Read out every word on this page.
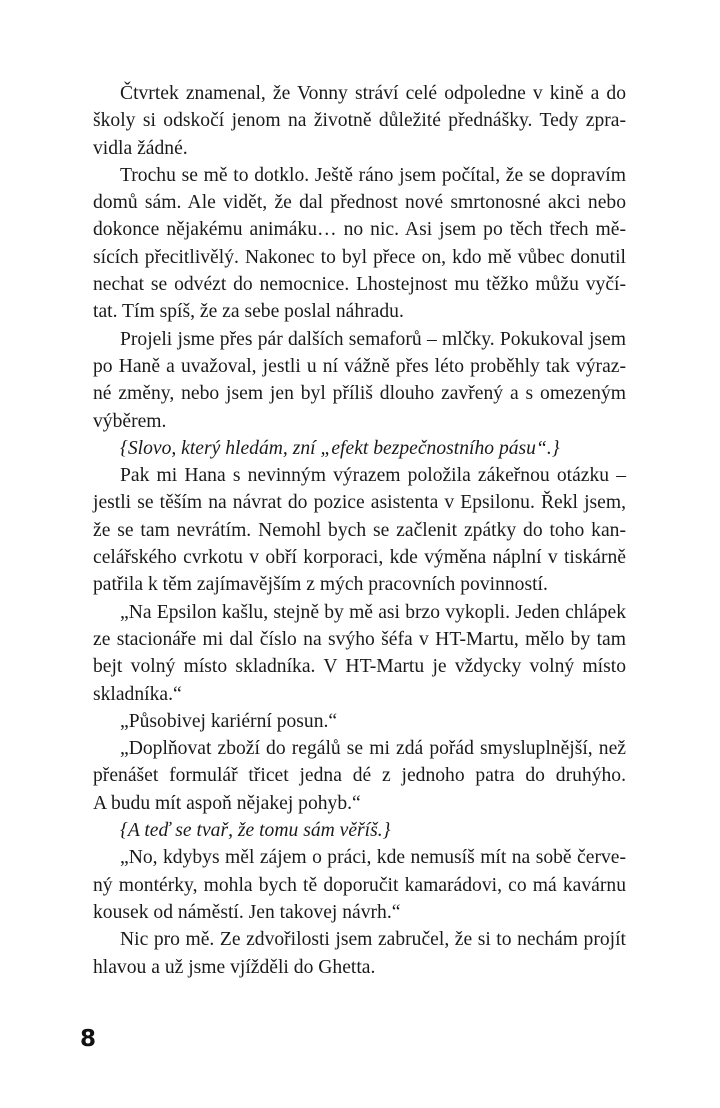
Čtvrtek znamenal, že Vonny stráví celé odpoledne v kině a do
školy si odskočí jenom na životně důležité přednášky. Tedy zpra-
vidla žádné.
Trochu se mě to dotklo. Ještě ráno jsem počítal, že se dopravím
domů sám. Ale vidět, že dal přednost nové smrtonosné akci nebo
dokonce nějakému animáku… no nic. Asi jsem po těch třech mě-
sících přecitlivělý. Nakonec to byl přece on, kdo mě vůbec donutil
nechat se odvézt do nemocnice. Lhostejnost mu těžko můžu vyčí-
tat. Tím spíš, že za sebe poslal náhradu.
Projeli jsme přes pár dalších semaforů – mlčky. Pokukoval jsem
po Haně a uvažoval, jestli u ní vážně přes léto proběhly tak výraz-
né změny, nebo jsem jen byl příliš dlouho zavřený a s omezeným
výběrem.
{Slovo, který hledám, zní „efekt bezpečnostního pásu“.}
Pak mi Hana s nevinným výrazem položila zákeřnou otázku –
jestli se těším na návrat do pozice asistenta v Epsilonu. Řekl jsem,
že se tam nevrátím. Nemohl bych se začlenit zpátky do toho kan-
celářského cvrkotu v obří korporaci, kde výměna náplní v tiskárně
patřila k těm zajímavějším z mých pracovních povinností.
„Na Epsilon kašlu, stejně by mě asi brzo vykopli. Jeden chlápek
ze stacionáře mi dal číslo na svýho šéfa v HT-Martu, mělo by tam
bejt volný místo skladníka. V HT-Martu je vždycky volný místo
skladníka.“
„Působivej kariérní posun.“
„Doplňovat zboží do regálů se mi zdá pořád smysluplnější, než
přenášet formulář třicet jedna dé z jednoho patra do druhýho.
A budu mít aspoň nějakej pohyb.“
{A teď se tvař, že tomu sám věříš.}
„No, kdybys měl zájem o práci, kde nemusíš mít na sobě červe-
ný montérky, mohla bych tě doporučit kamarádovi, co má kavárnu
kousek od náměstí. Jen takovej návrh.“
Nic pro mě. Ze zdvořilosti jsem zabručel, že si to nechám projít
hlavou a už jsme vjížděli do Ghetta.
8
